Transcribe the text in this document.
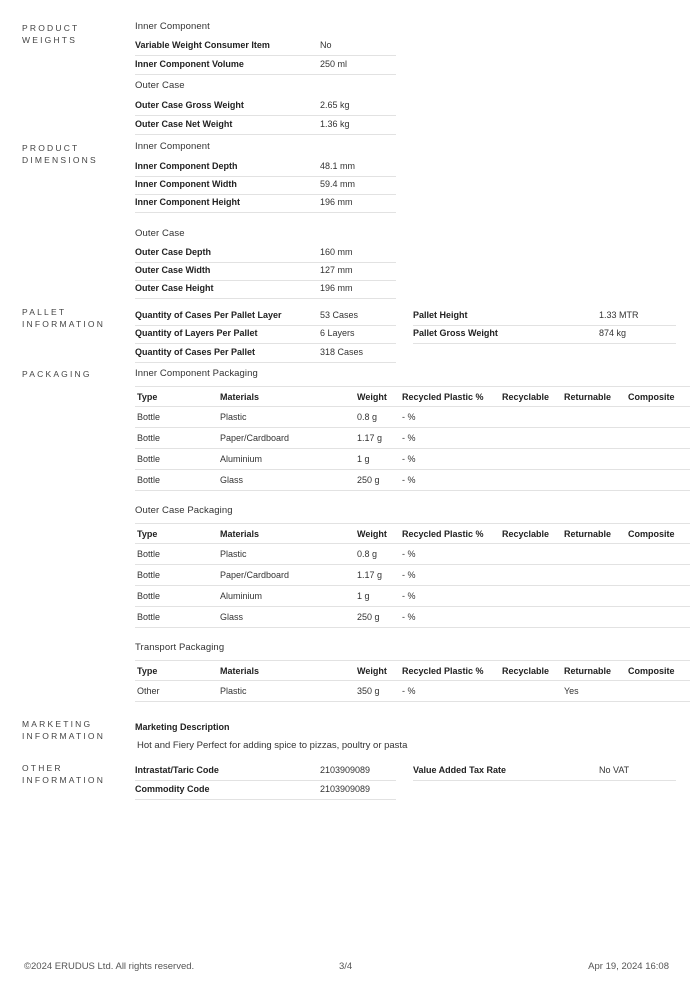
PRODUCT
WEIGHTS
Inner Component
Variable Weight Consumer Item	No
Inner Component Volume	250 ml
Outer Case
Outer Case Gross Weight	2.65 kg
Outer Case Net Weight	1.36 kg
PRODUCT
DIMENSIONS
Inner Component
Inner Component Depth	48.1 mm
Inner Component Width	59.4 mm
Inner Component Height	196 mm
Outer Case
Outer Case Depth	160 mm
Outer Case Width	127 mm
Outer Case Height	196 mm
PALLET
INFORMATION
Quantity of Cases Per Pallet Layer	53 Cases
Quantity of Layers Per Pallet	6 Layers
Quantity of Cases Per Pallet	318 Cases
Pallet Height	1.33 MTR
Pallet Gross Weight	874 kg
PACKAGING	Inner Component Packaging
Type	Materials	Weight	Recycled Plastic %	Recyclable	Returnable	Composite
Bottle	Plastic	0.8 g	- %			
Bottle	Paper/Cardboard	1.17 g	- %			
Bottle	Aluminium	1 g	- %			
Bottle	Glass	250 g	- %			
Outer Case Packaging
Type	Materials	Weight	Recycled Plastic %	Recyclable	Returnable	Composite
Bottle	Plastic	0.8 g	- %			
Bottle	Paper/Cardboard	1.17 g	- %			
Bottle	Aluminium	1 g	- %			
Bottle	Glass	250 g	- %			
Transport Packaging
Type	Materials	Weight	Recycled Plastic %	Recyclable	Returnable	Composite
Other	Plastic	350 g	- %		Yes	
MARKETING
INFORMATION
Marketing Description
Hot and Fiery Perfect for adding spice to pizzas, poultry or pasta
OTHER
INFORMATION
Intrastat/Taric Code	2103909089
Commodity Code	2103909089
Value Added Tax Rate	No VAT
©2024 ERUDUS Ltd. All rights reserved.	3/4	Apr 19, 2024 16:08
